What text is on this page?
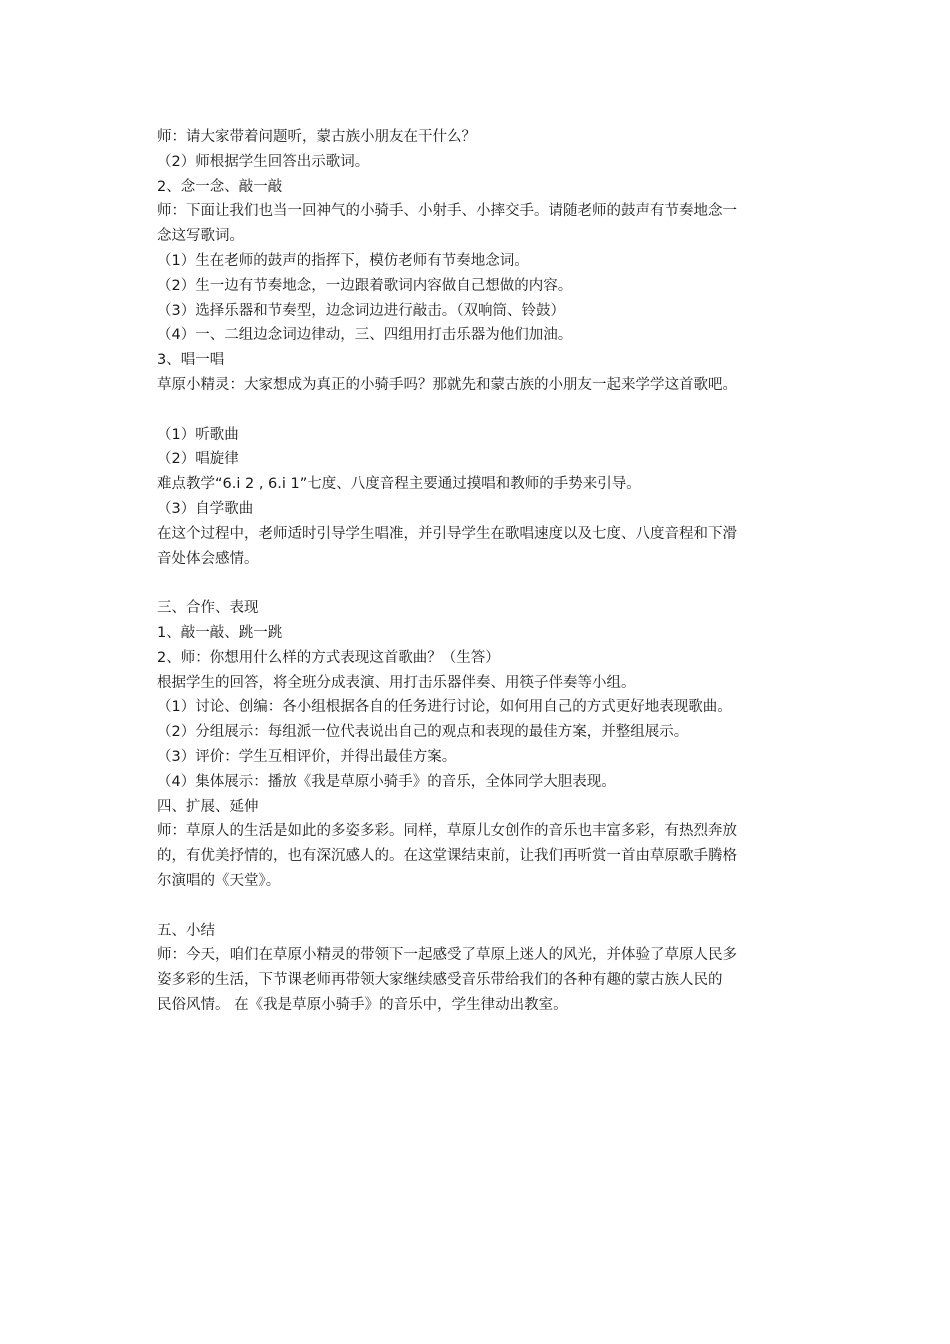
师：请大家带着问题听，蒙古族小朋友在干什么？
（2）师根据学生回答出示歌词。
2、念一念、敲一敲
师：下面让我们也当一回神气的小骑手、小射手、小摔交手。请随老师的鼓声有节奏地念一
念这写歌词。
（1）生在老师的鼓声的指挥下，模仿老师有节奏地念词。
（2）生一边有节奏地念，一边跟着歌词内容做自己想做的内容。
（3）选择乐器和节奏型，边念词边进行敲击。（双响筒、铃鼓）
（4）一、二组边念词边律动，三、四组用打击乐器为他们加油。
3、唱一唱
草原小精灵：大家想成为真正的小骑手吗？那就先和蒙古族的小朋友一起来学学这首歌吧。
（1）听歌曲
（2）唱旋律
难点教学“6.i 2 , 6.i 1”七度、八度音程主要通过摸唱和教师的手势来引导。
（3）自学歌曲
在这个过程中，老师适时引导学生唱准，并引导学生在歌唱速度以及七度、八度音程和下滑
音处体会感情。
三、合作、表现
1、敲一敲、跳一跳
2、师：你想用什么样的方式表现这首歌曲？（生答）
根据学生的回答，将全班分成表演、用打击乐器伴奏、用筷子伴奏等小组。
（1）讨论、创编：各小组根据各自的任务进行讨论，如何用自己的方式更好地表现歌曲。
（2）分组展示：每组派一位代表说出自己的观点和表现的最佳方案，并整组展示。
（3）评价：学生互相评价，并得出最佳方案。
（4）集体展示：播放《我是草原小骑手》的音乐，全体同学大胆表现。
四、扩展、延伸
师：草原人的生活是如此的多姿多彩。同样，草原儿女创作的音乐也丰富多彩，有热烈奔放
的，有优美抒情的，也有深沉感人的。在这堂课结束前，让我们再听赏一首由草原歌手腾格
尔演唱的《天堂》。
五、小结
师：今天，咱们在草原小精灵的带领下一起感受了草原上迷人的风光，并体验了草原人民多
姿多彩的生活，下节课老师再带领大家继续感受音乐带给我们的各种有趣的蒙古族人民的
民俗风情。 在《我是草原小骑手》的音乐中，学生律动出教室。
